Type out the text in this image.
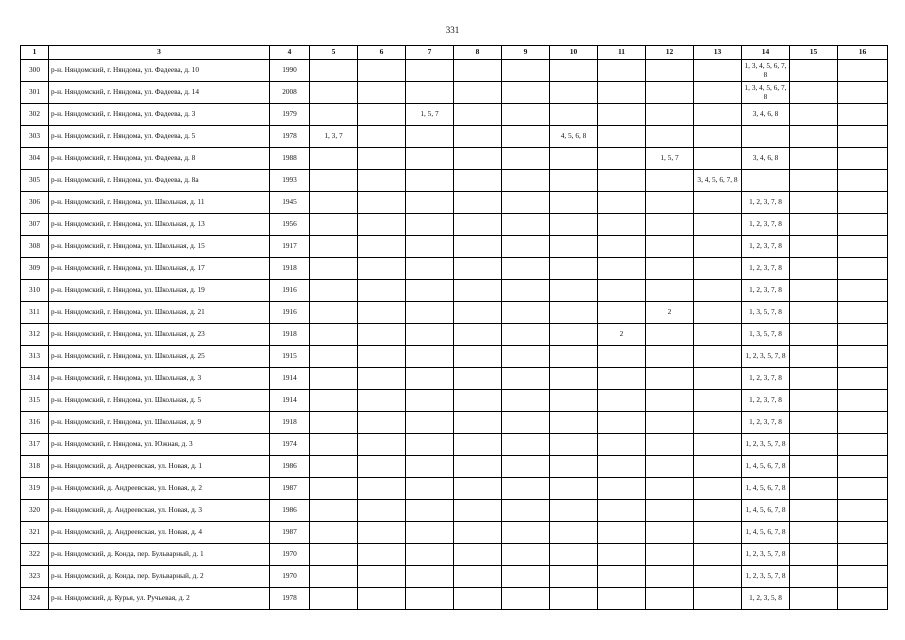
331
1	3	4	5	6	7	8	9	10	11	12	13	14	15	16
300	р-н. Няндомский, г. Няндома, ул. Фадеева, д. 10	1990										1, 3, 4, 5, 6, 7, 8		
301	р-н. Няндомский, г. Няндома, ул. Фадеева, д. 14	2008										1, 3, 4, 5, 6, 7, 8		
302	р-н. Няндомский, г. Няндома, ул. Фадеева, д. 3	1979			1, 5, 7							3, 4, 6, 8		
303	р-н. Няндомский, г. Няндома, ул. Фадеева, д. 5	1978	1, 3, 7					4, 5, 6, 8						
304	р-н. Няндомский, г. Няндома, ул. Фадеева, д. 8	1988								1, 5, 7		3, 4, 6, 8		
305	р-н. Няндомский, г. Няндома, ул. Фадеева, д. 8а	1993									3, 4, 5, 6, 7, 8			
306	р-н. Няндомский, г. Няндома, ул. Школьная, д. 11	1945										1, 2, 3, 7, 8		
307	р-н. Няндомский, г. Няндома, ул. Школьная, д. 13	1956										1, 2, 3, 7, 8		
308	р-н. Няндомский, г. Няндома, ул. Школьная, д. 15	1917										1, 2, 3, 7, 8		
309	р-н. Няндомский, г. Няндома, ул. Школьная, д. 17	1918										1, 2, 3, 7, 8		
310	р-н. Няндомский, г. Няндома, ул. Школьная, д. 19	1916										1, 2, 3, 7, 8		
311	р-н. Няндомский, г. Няндома, ул. Школьная, д. 21	1916								2		1, 3, 5, 7, 8		
312	р-н. Няндомский, г. Няндома, ул. Школьная, д. 23	1918							2			1, 3, 5, 7, 8		
313	р-н. Няндомский, г. Няндома, ул. Школьная, д. 25	1915										1, 2, 3, 5, 7, 8		
314	р-н. Няндомский, г. Няндома, ул. Школьная, д. 3	1914										1, 2, 3, 7, 8		
315	р-н. Няндомский, г. Няндома, ул. Школьная, д. 5	1914										1, 2, 3, 7, 8		
316	р-н. Няндомский, г. Няндома, ул. Школьная, д. 9	1918										1, 2, 3, 7, 8		
317	р-н. Няндомский, г. Няндома, ул. Южная, д. 3	1974										1, 2, 3, 5, 7, 8		
318	р-н. Няндомский, д. Андреевская, ул. Новая, д. 1	1986										1, 4, 5, 6, 7, 8		
319	р-н. Няндомский, д. Андреевская, ул. Новая, д. 2	1987										1, 4, 5, 6, 7, 8		
320	р-н. Няндомский, д. Андреевская, ул. Новая, д. 3	1986										1, 4, 5, 6, 7, 8		
321	р-н. Няндомский, д. Андреевская, ул. Новая, д. 4	1987										1, 4, 5, 6, 7, 8		
322	р-н. Няндомский, д. Конда, пер. Бульварный, д. 1	1970										1, 2, 3, 5, 7, 8		
323	р-н. Няндомский, д. Конда, пер. Бульварный, д. 2	1970										1, 2, 3, 5, 7, 8		
324	р-н. Няндомский, д. Курья, ул. Ручьевая, д. 2	1978										1, 2, 3, 5, 8		
